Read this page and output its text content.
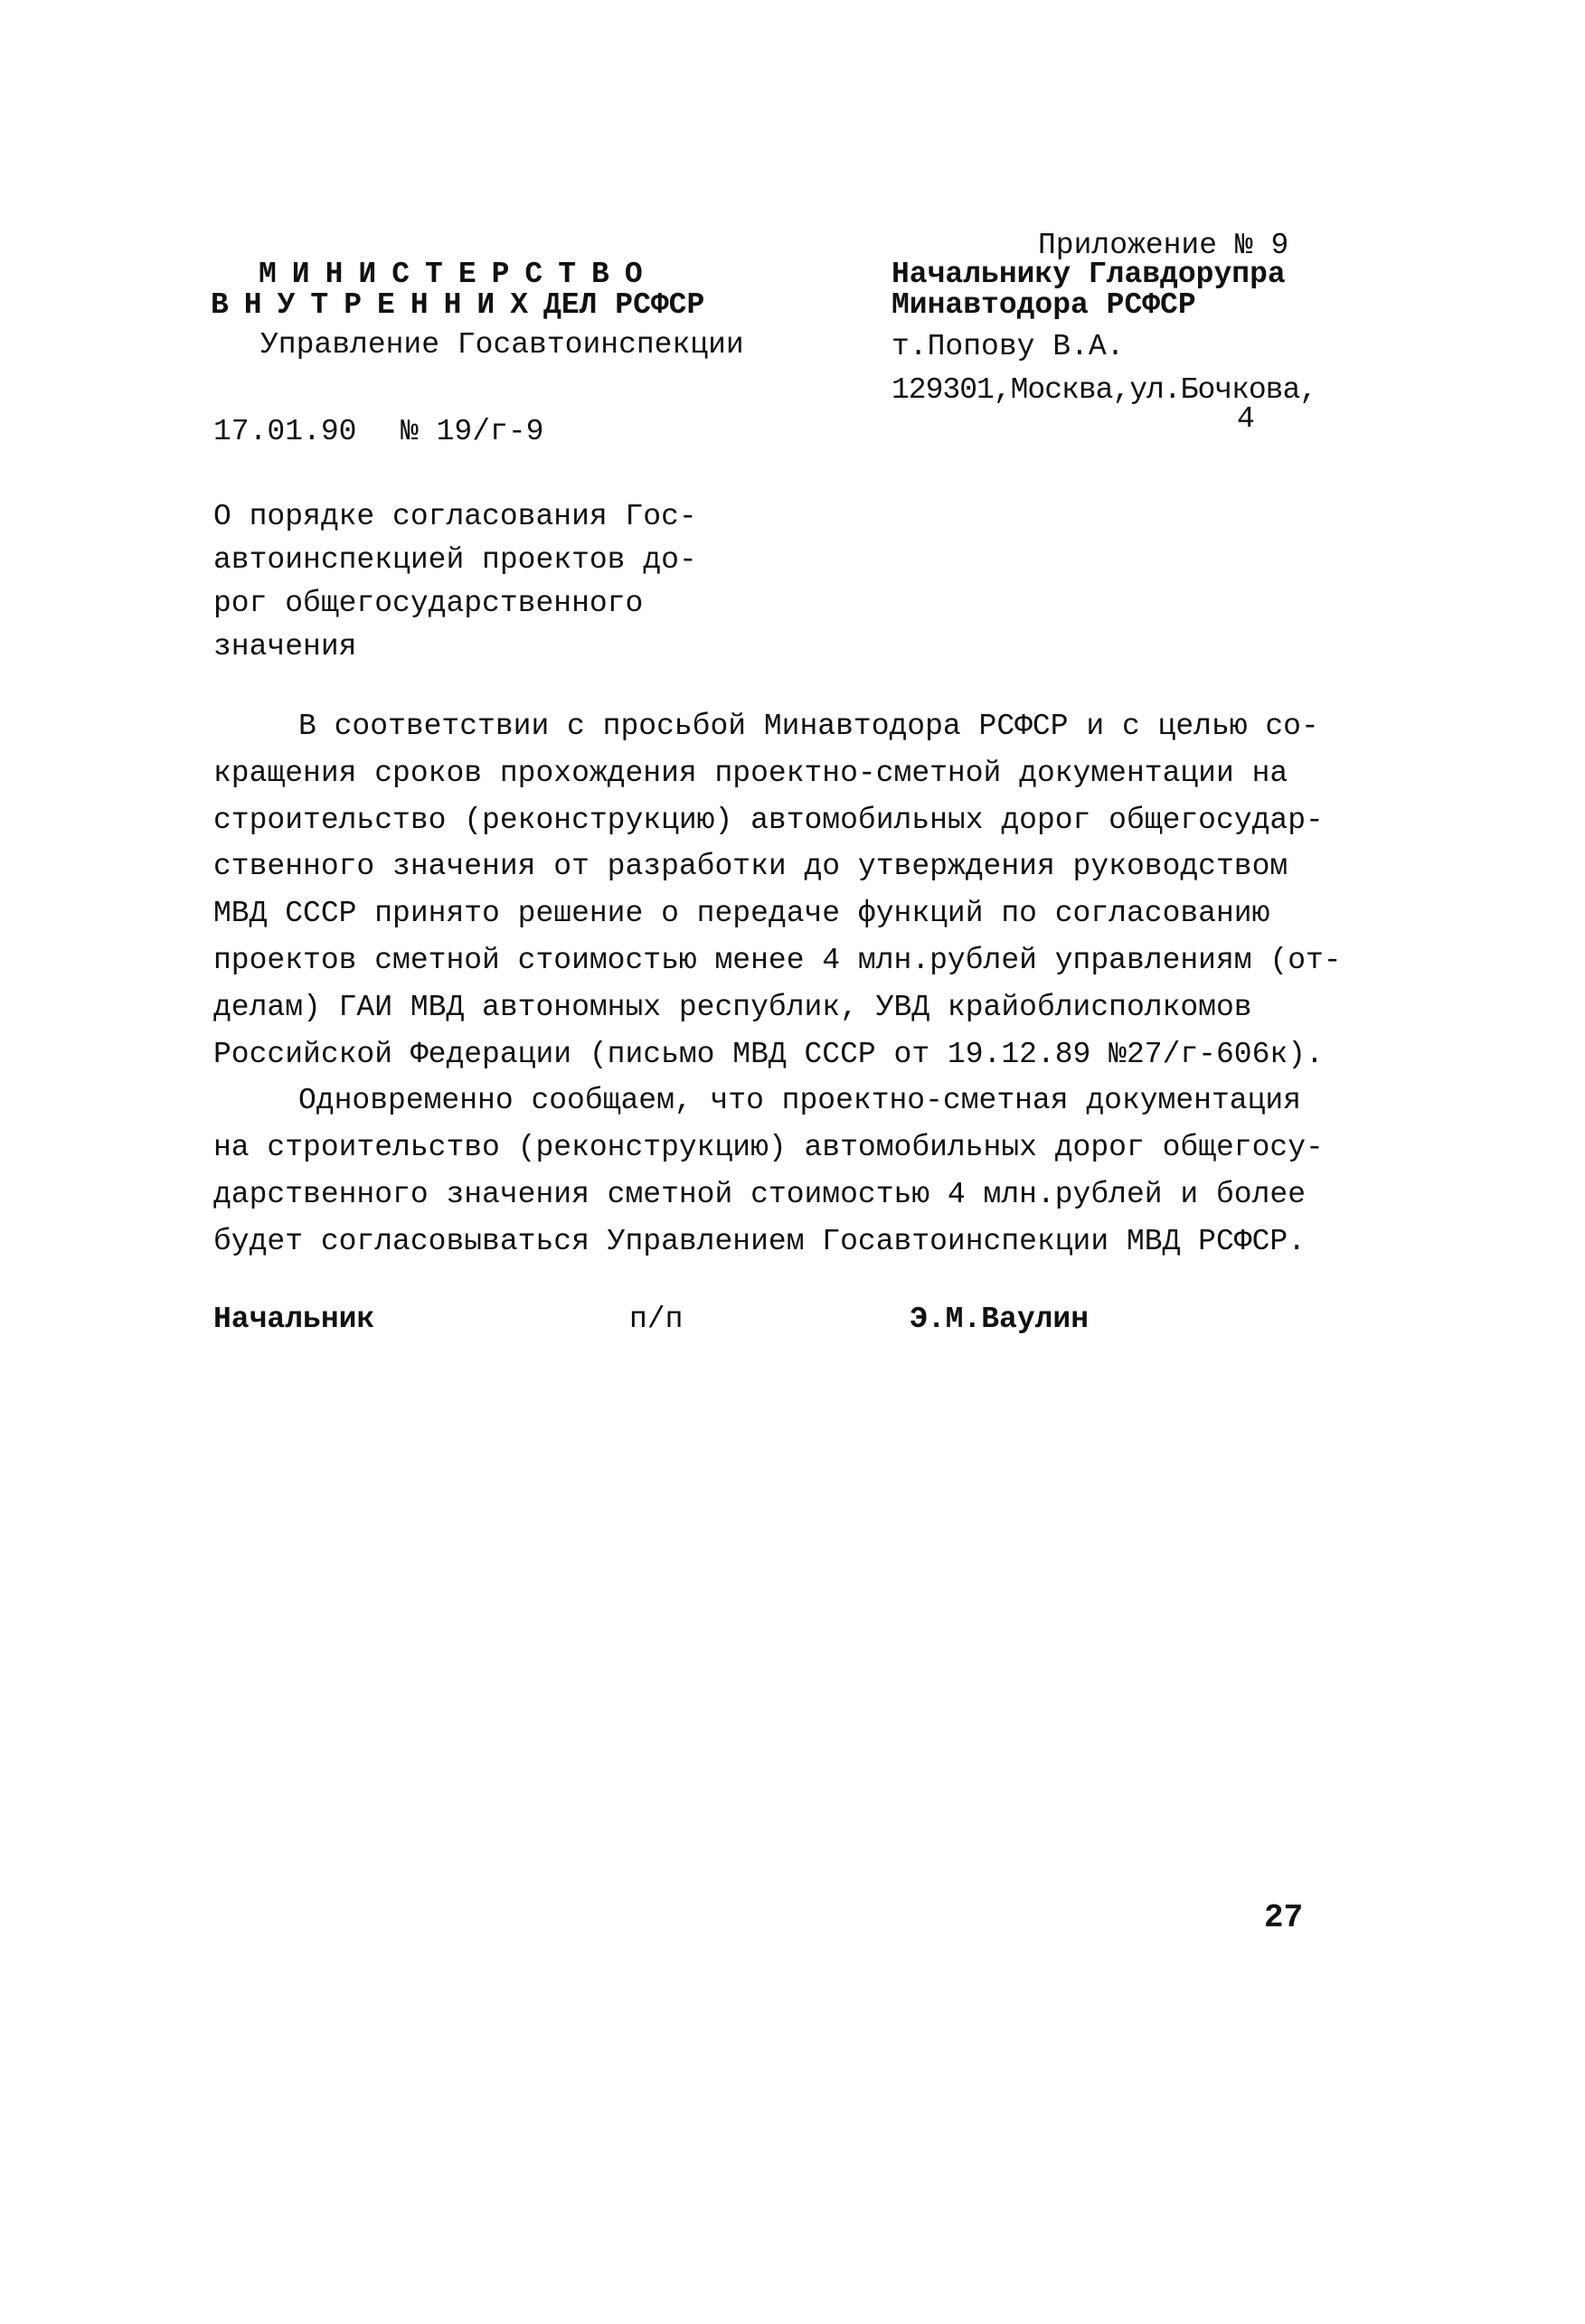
Приложение № 9
МИНИСТЕРСТВО
ВНУТРЕННИХДЕЛ РСФСР
Управление Госавтоинспекции
Начальнику Главдорупра
Минавтодора РСФСР
т.Попову В.А.
129301,Москва,ул.Бочкова,
4
17.01.90 № 19/г-9
О порядке согласования Гос-
автоинспекцией проектов до-
рог общегосударственного
значения
В соответствии с просьбой Минавтодора РСФСР и с целью со-
кращения сроков прохождения проектно-сметной документации на
строительство (реконструкцию) автомобильных дорог общегосудар-
ственного значения от разработки до утверждения руководством
МВД СССР принято решение о передаче функций по согласованию
проектов сметной стоимостью менее 4 млн.рублей управлениям (от-
делам) ГАИ МВД автономных республик, УВД крайоблисполкомов
Российской Федерации (письмо МВД СССР от 19.12.89 №27/г-606к).
Одновременно сообщаем, что проектно-сметная документация
на строительство (реконструкцию) автомобильных дорог общегосу-
дарственного значения сметной стоимостью 4 млн.рублей и более
будет согласовываться Управлением Госавтоинспекции МВД РСФСР.
Начальник	п/п	Э.М.Ваулин
27
